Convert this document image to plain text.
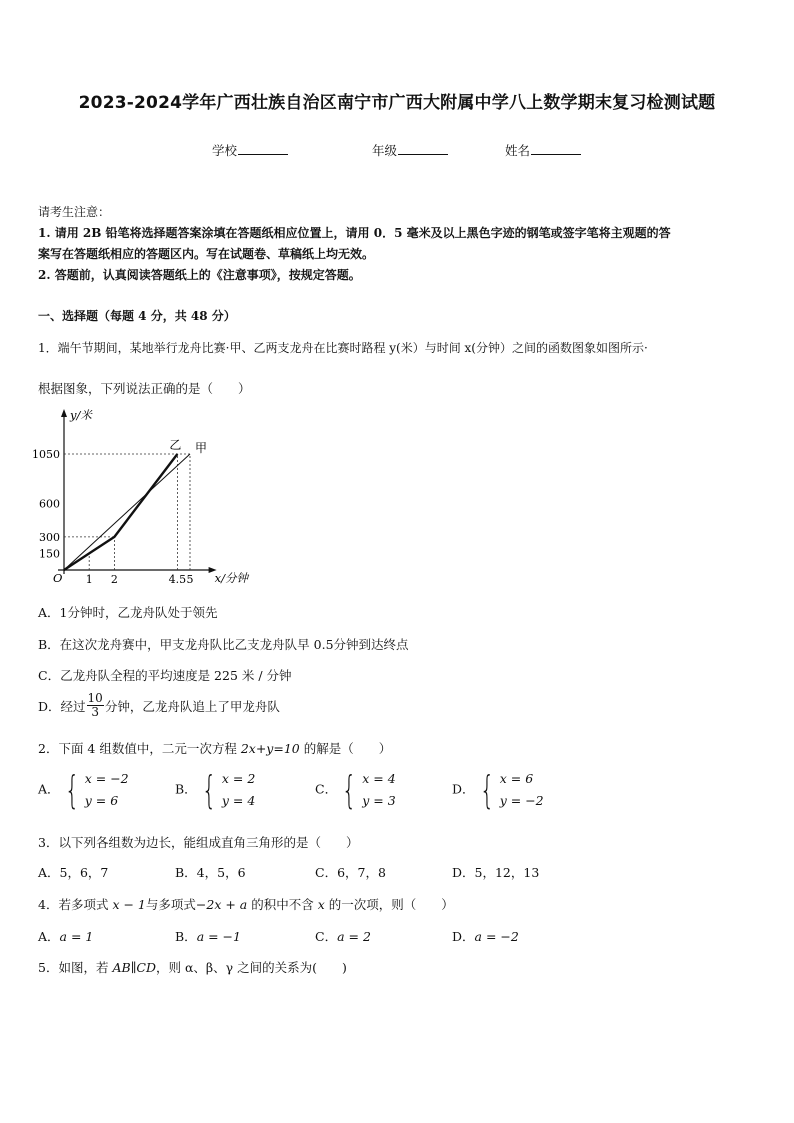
2023-2024学年广西壮族自治区南宁市广西大附属中学八上数学期末复习检测试题
学校	年级	姓名
请考生注意：
1. 请用 2B 铅笔将选择题答案涂填在答题纸相应位置上，请用 0．5 毫米及以上黑色字迹的钢笔或签字笔将主观题的答
案写在答题纸相应的答题区内。写在试题卷、草稿纸上均无效。
2. 答题前，认真阅读答题纸上的《注意事项》，按规定答题。
一、选择题（每题 4 分，共 48 分）
1．端午节期间，某地举行龙舟比赛·甲、乙两支龙舟在比赛时路程 y(米）与时间 x(分钟）之间的函数图象如图所示·
根据图象，下列说法正确的是（　　）
x/分钟
y/米
O
150
300
600
1050
1 2	4.5 5
甲
乙
A．1分钟时，乙龙舟队处于领先
B．在这次龙舟赛中，甲支龙舟队比乙支龙舟队早 0.5分钟到达终点
C．乙龙舟队全程的平均速度是 225 米 / 分钟
D．经过 $\frac{10}{3}$ 分钟，乙龙舟队追上了甲龙舟队
2．下面 4 组数值中，二元一次方程 2x+y=10 的解是（　　）
A． { x = −2
y = 6
B． { x = 2
y = 4
C． { x = 4
y = 3
D． { x = 6
y = −2
3．以下列各组数为边长，能组成直角三角形的是（　　）
A．5，6，7	B．4，5，6	C．6，7，8	D．5，12，13
4．若多项式 x − 1与多项式−2x + a 的积中不含 x 的一次项，则（　　）
A．a = 1	B．a = −1	C．a = 2	D．a = −2
5．如图，若 AB∥CD，则 α、β、γ 之间的关系为(　　)
